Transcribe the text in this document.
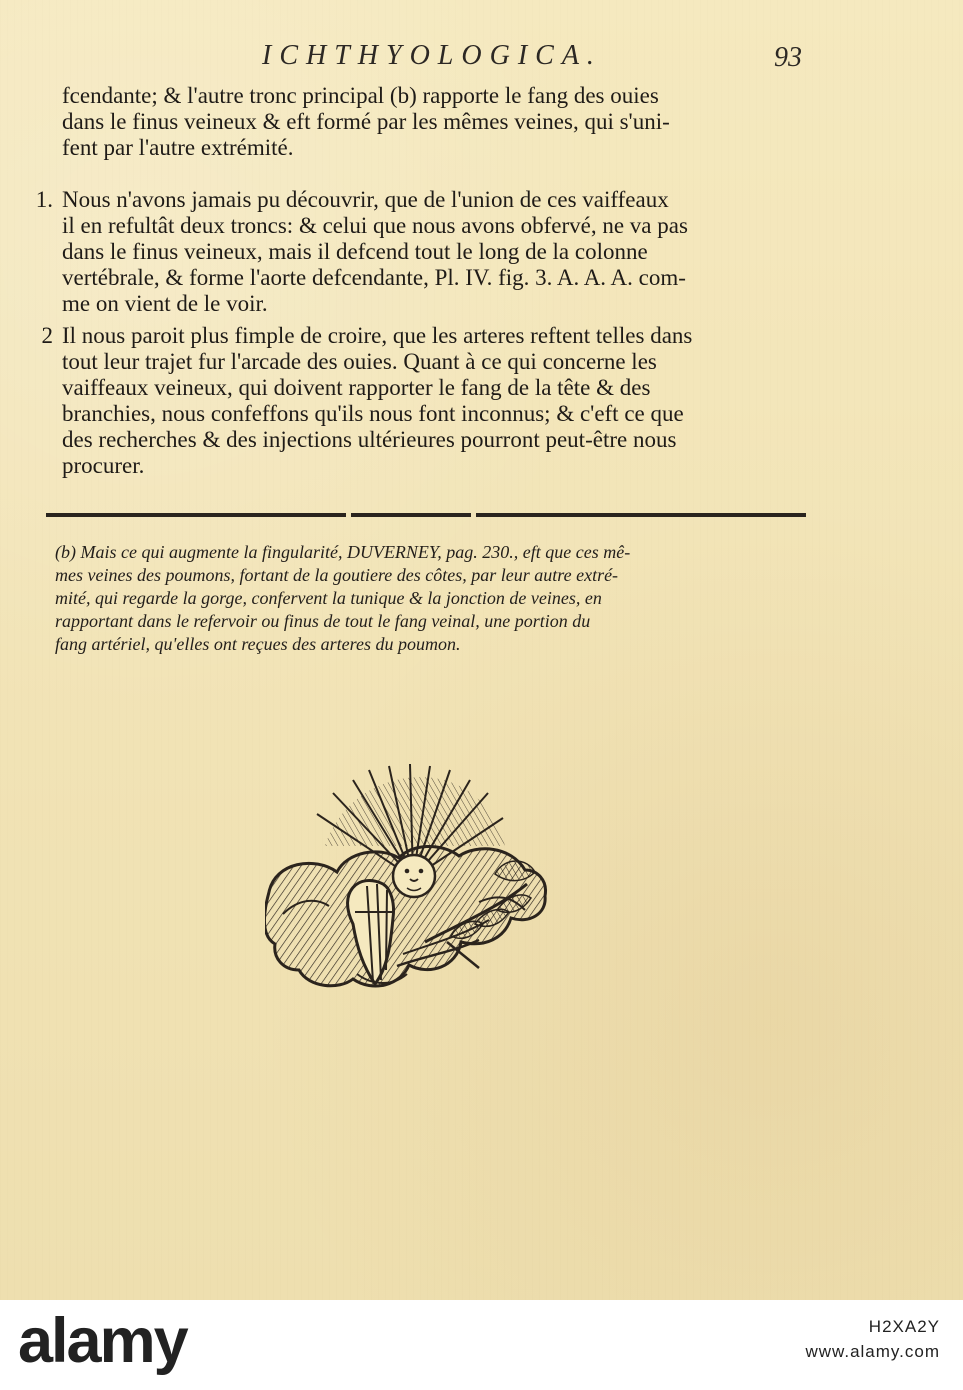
ICHTHYOLOGICA.	93

fcendante; & l'autre tronc principal (b) rapporte le fang des ouies
dans le finus veineux & eft formé par les mêmes veines, qui s'uni-
fent par l'autre extrémité.

1. Nous n'avons jamais pu découvrir, que de l'union de ces vaiffeaux
il en refultât deux troncs: & celui que nous avons obfervé, ne va pas
dans le finus veineux, mais il defcend tout le long de la colonne
vertébrale, & forme l'aorte defcendante, Pl. IV. fig. 3. A. A. A. com-
me on vient de le voir.
2 Il nous paroit plus fimple de croire, que les arteres reftent telles dans
tout leur trajet fur l'arcade des ouies. Quant à ce qui concerne les
vaiffeaux veineux, qui doivent rapporter le fang de la tête & des
branchies, nous confeffons qu'ils nous font inconnus; & c'eft ce que
des recherches & des injections ultérieures pourront peut-être nous
procurer.
(b) Mais ce qui augmente la fingularité, DUVERNEY, pag. 230., eft que ces mê-
mes veines des poumons, fortant de la goutiere des côtes, par leur autre extré-
mité, qui regarde la gorge, confervent la tunique & la jonction de veines, en
rapportant dans le refervoir ou finus de tout le fang veinal, une portion du
fang artériel, qu'elles ont reçues des arteres du poumon.
alamy	H2XA2Y
www.alamy.com
